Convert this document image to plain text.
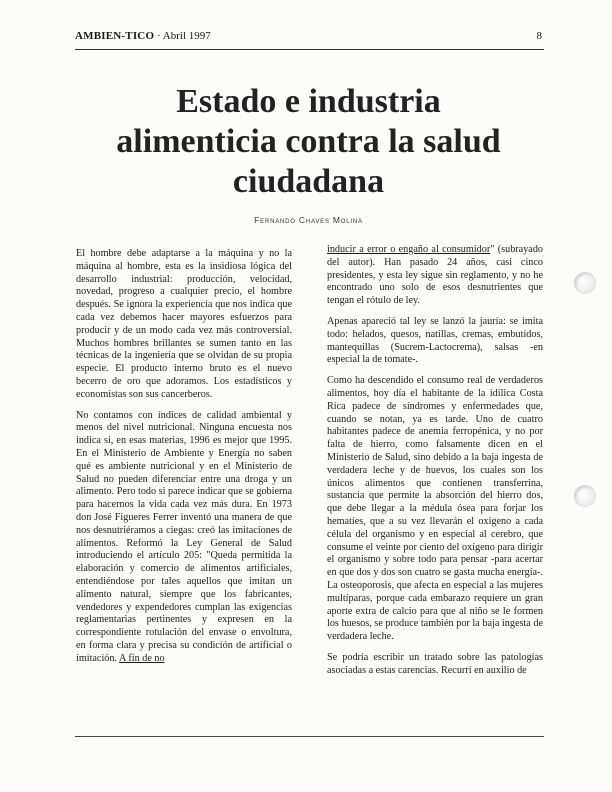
AMBIEN-TICO · Abril 1997	8
Estado e industria
alimenticia contra la salud
ciudadana
Fernando Chaves Molina

El hombre debe adaptarse a la máquina y no la máquina al hombre, esta es la insidiosa lógica del desarrollo industrial: producción, velocidad, novedad, progreso a cualquier precio, el hombre después. Se ignora la experiencia que nos indica que cada vez debemos hacer mayores esfuerzos para producir y de un modo cada vez más controversial. Muchos hombres brillantes se sumen tanto en las técnicas de la ingeniería que se olvidan de su propia especie. El producto interno bruto es el nuevo becerro de oro que adoramos. Los estadísticos y economistas son sus cancerberos.

No contamos con índices de calidad ambiental y menos del nivel nutricional. Ninguna encuesta nos indica si, en esas materias, 1996 es mejor que 1995. En el Ministerio de Ambiente y Energía no saben qué es ambiente nutricional y en el Ministerio de Salud no pueden diferenciar entre una droga y un alimento. Pero todo si parece indicar que se gobierna para hacernos la vida cada vez más dura. En 1973 don José Figueres Ferrer inventó una manera de que nos desnutriéramos a ciegas: creó las imitaciones de alimentos. Reformó la Ley General de Salud introduciendo el artículo 205: "Queda permitida la elaboración y comercio de alimentos artificiales, entendiéndose por tales aquellos que imitan un alimento natural, siempre que los fabricantes, vendedores y expendedores cumplan las exigencias reglamentarias pertinentes y expresen en la correspondiente rotulación del envase o envoltura, en forma clara y precisa su condición de artificial o imitación. A fin de no

inducir a error o engaño al consumidor" (subrayado del autor). Han pasado 24 años, casi cinco presidentes, y esta ley sigue sin reglamento, y no he encontrado uno solo de esos desnutrientes que tengan el rótulo de ley.

Apenas apareció tal ley se lanzó la jauría: se imita todo: helados, quesos, natillas, cremas, embutidos, mantequillas (Sucrem-Lactocrema), salsas -en especial la de tomate-.

Como ha descendido el consumo real de verdaderos alimentos, hoy día el habitante de la idílica Costa Rica padece de síndromes y enfermedades que, cuando se notan, ya es tarde. Uno de cuatro habitantes padece de anemia ferropénica, y no por falta de hierro, como falsamente dicen en el Ministerio de Salud, sino debido a la baja ingesta de verdadera leche y de huevos, los cuales son los únicos alimentos que contienen transferrina, sustancia que permite la absorción del hierro dos, que debe llegar a la médula ósea para forjar los hematíes, que a su vez llevarán el oxígeno a cada célula del organismo y en especial al cerebro, que consume el veinte por ciento del oxígeno para dirigir el organismo y sobre todo para pensar -para acertar en que dos y dos son cuatro se gasta mucha energía-. La osteoporosis, que afecta en especial a las mujeres multíparas, porque cada embarazo requiere un gran aporte extra de calcio para que al niño se le formen los huesos, se produce también por la baja ingesta de verdadera leche.

Se podría escribir un tratado sobre las patologías asociadas a estas carencias. Recurrí en auxilio de
